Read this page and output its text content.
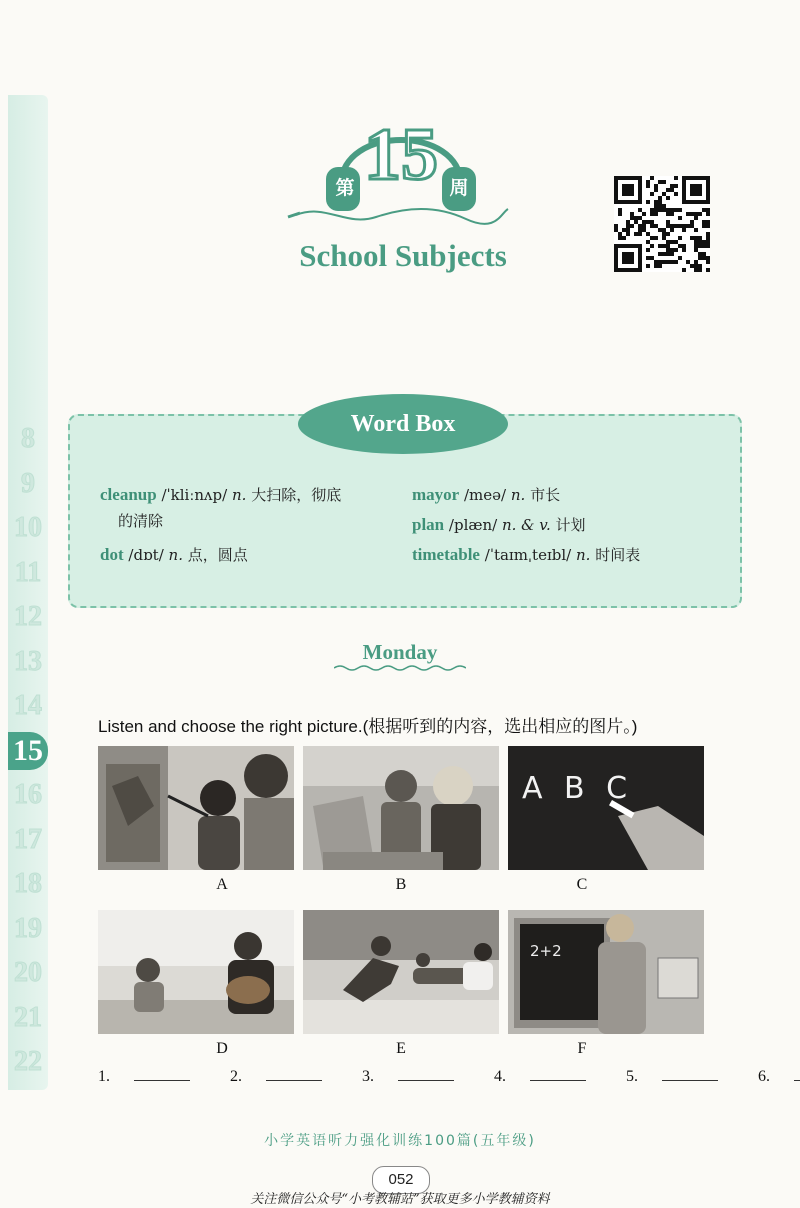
8
9
10
11
12
13
14
15
16
17
18
19
20
21
22
第 15 周
School Subjects
Word Box
cleanup /ˈkliːnʌp/ n. 大扫除，彻底
的清除
dot /dɒt/ n. 点，圆点
mayor /meə/ n. 市长
plan /plæn/ n. & v. 计划
timetable /ˈtaɪmˌteɪbl/ n. 时间表
Monday
Listen and choose the right picture.(根据听到的内容，选出相应的图片。)
A	B
A B C
C
D	E
2+2
F
1.	2.	3.	4.	5.	6.
小学英语听力强化训练100篇(五年级)
052
关注微信公众号“小考教辅站”获取更多小学教辅资料
